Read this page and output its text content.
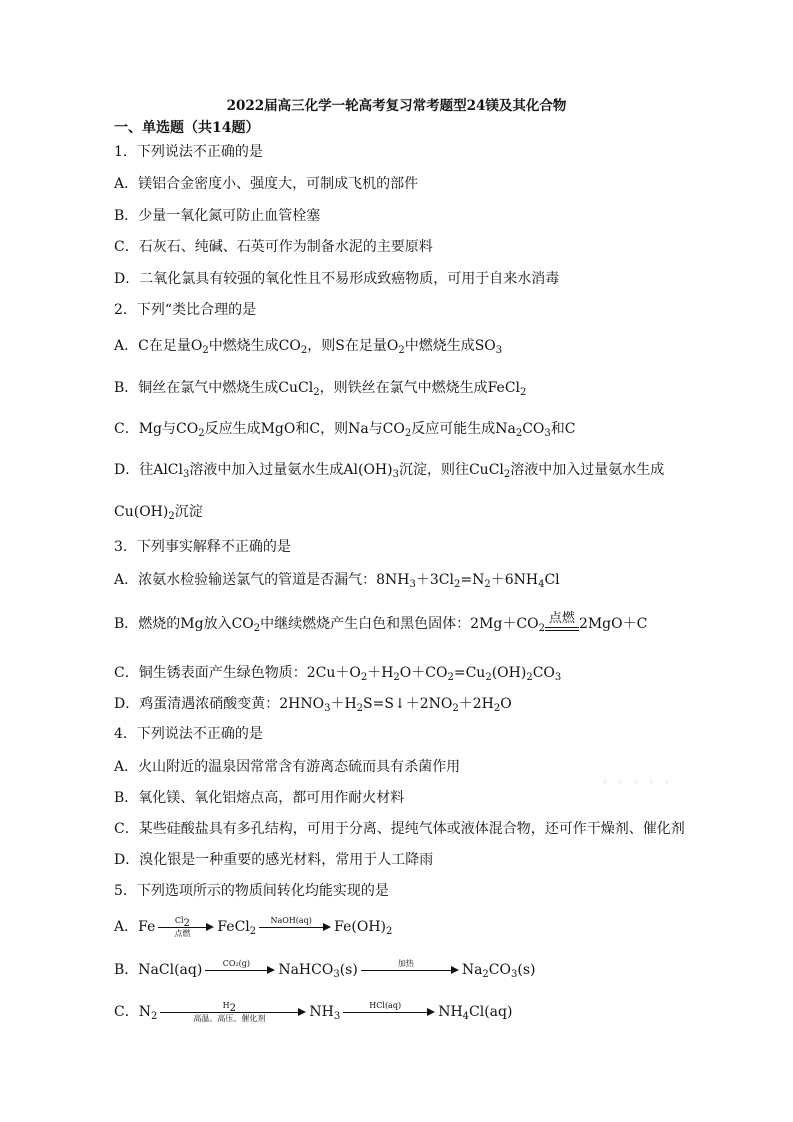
2022届高三化学一轮高考复习常考题型24镁及其化合物
一、单选题（共14题）
1．下列说法不正确的是
A．镁铝合金密度小、强度大，可制成飞机的部件
B．少量一氧化氮可防止血管栓塞
C．石灰石、纯碱、石英可作为制备水泥的主要原料
D．二氧化氯具有较强的氧化性且不易形成致癌物质，可用于自来水消毒
2．下列“类比合理的是
A．C在足量$O_2$中燃烧生成$CO_2$，则S在足量$O_2$中燃烧生成$SO_3$
B．铜丝在氯气中燃烧生成CuCl$_2$，则铁丝在氯气中燃烧生成FeCl$_2$
C．Mg与$CO_2$反应生成MgO和C，则Na与$CO_2$反应可能生成$Na_2CO_3$和C
D．往AlCl$_3$溶液中加入过量氨水生成$Al(OH)_3$沉淀，则往CuCl$_2$溶液中加入过量氨水生成
$Cu(OH)_2$沉淀
3．下列事实解释不正确的是
A．浓氨水检验输送氯气的管道是否漏气：$8NH_3+3Cl_2=N_2+6NH_4Cl$
B．燃烧的Mg放入$CO_2$中继续燃烧产生白色和黑色固体：$2Mg+CO_2$
点燃 2MgO＋C
C．铜生锈表面产生绿色物质：$2Cu+O_2+H_2O+CO_2=Cu_2(OH)_2CO_3$
D．鸡蛋清遇浓硝酸变黄：$2HNO_3+H_2S=S↓+2NO_2+2H_2O$
4．下列说法不正确的是
A．火山附近的温泉因常常含有游离态硫而具有杀菌作用
B．氧化镁、氧化铝熔点高，都可用作耐火材料
C．某些硅酸盐具有多孔结构，可用于分离、提纯气体或液体混合物，还可作干燥剂、催化剂
D．溴化银是一种重要的感光材料，常用于人工降雨
·····
5．下列选项所示的物质间转化均能实现的是
A．Fe	$Cl_2$
点燃	FeCl$_2$
NaOH(aq)	$Fe(OH)_2$
B．NaCl(aq)	CO₂(g)	NaHCO$_3$(s)	加热	$Na_2CO_3(s)$
C．$N_2$
$H_2$
高温、高压、催化剂	$NH_3$
HCl(aq)	$NH_4Cl(aq)$
